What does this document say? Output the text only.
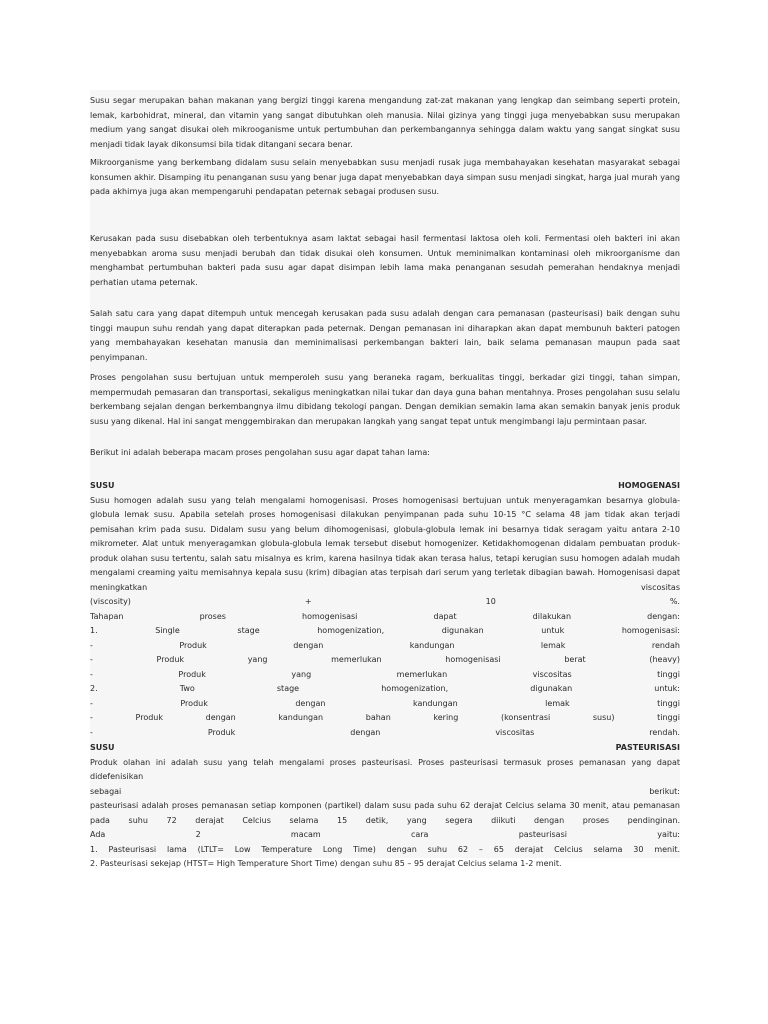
Susu segar merupakan bahan makanan yang bergizi tinggi karena mengandung zat-zat makanan yang lengkap dan seimbang seperti protein, lemak, karbohidrat, mineral, dan vitamin yang sangat dibutuhkan oleh manusia. Nilai gizinya yang tinggi juga menyebabkan susu merupakan medium yang sangat disukai oleh mikrooganisme untuk pertumbuhan dan perkembangannya sehingga dalam waktu yang sangat singkat susu menjadi tidak layak dikonsumsi bila tidak ditangani secara benar.
Mikroorganisme yang berkembang didalam susu selain menyebabkan susu menjadi rusak juga membahayakan kesehatan masyarakat sebagai konsumen akhir. Disamping itu penanganan susu yang benar juga dapat menyebabkan daya simpan susu menjadi singkat, harga jual murah yang pada akhirnya juga akan mempengaruhi pendapatan peternak sebagai produsen susu.
Kerusakan pada susu disebabkan oleh terbentuknya asam laktat sebagai hasil fermentasi laktosa oleh koli. Fermentasi oleh bakteri ini akan menyebabkan aroma susu menjadi berubah dan tidak disukai oleh konsumen. Untuk meminimalkan kontaminasi oleh mikroorganisme dan menghambat pertumbuhan bakteri pada susu agar dapat disimpan lebih lama maka penanganan sesudah pemerahan hendaknya menjadi perhatian utama peternak.
Salah satu cara yang dapat ditempuh untuk mencegah kerusakan pada susu adalah dengan cara pemanasan (pasteurisasi) baik dengan suhu tinggi maupun suhu rendah yang dapat diterapkan pada peternak. Dengan pemanasan ini diharapkan akan dapat membunuh bakteri patogen yang membahayakan kesehatan manusia dan meminimalisasi perkembangan bakteri lain, baik selama pemanasan maupun pada saat penyimpanan.
Proses pengolahan susu bertujuan untuk memperoleh susu yang beraneka ragam, berkualitas tinggi, berkadar gizi tinggi, tahan simpan, mempermudah pemasaran dan transportasi, sekaligus meningkatkan nilai tukar dan daya guna bahan mentahnya. Proses pengolahan susu selalu berkembang sejalan dengan berkembangnya ilmu dibidang tekologi pangan. Dengan demikian semakin lama akan semakin banyak jenis produk susu yang dikenal. Hal ini sangat menggembirakan dan merupakan langkah yang sangat tepat untuk mengimbangi laju permintaan pasar.
Berikut ini adalah beberapa macam proses pengolahan susu agar dapat tahan lama:
SUSU	HOMOGENASI
Susu homogen adalah susu yang telah mengalami homogenisasi. Proses homogenisasi bertujuan untuk menyeragamkan besarnya globula-globula lemak susu. Apabila setelah proses homogenisasi dilakukan penyimpanan pada suhu 10-15 °C selama 48 jam tidak akan terjadi pemisahan krim pada susu. Didalam susu yang belum dihomogenisasi, globula-globula lemak ini besarnya tidak seragam yaitu antara 2-10 mikrometer. Alat untuk menyeragamkan globula-globula lemak tersebut disebut homogenizer. Ketidakhomogenan didalam pembuatan produk-produk olahan susu tertentu, salah satu misalnya es krim, karena hasilnya tidak akan terasa halus, tetapi kerugian susu homogen adalah mudah mengalami creaming yaitu memisahnya kepala susu (krim) dibagian atas terpisah dari serum yang terletak dibagian bawah. Homogenisasi dapat meningkatkan viscositas
(viscosity)	+	10	%.
Tahapan	proses	homogenisasi	dapat	dilakukan	dengan:
1.	Single	stage	homogenization,	digunakan	untuk	homogenisasi:
-	Produk	dengan	kandungan	lemak	rendah
-	Produk	yang	memerlukan	homogenisasi	berat	(heavy)
-	Produk	yang	memerlukan	viscositas	tinggi
2.	Two	stage	homogenization,	digunakan	untuk:
-	Produk	dengan	kandungan	lemak	tinggi
-	Produk	dengan	kandungan	bahan	kering	(konsentrasi	susu)	tinggi
-	Produk	dengan	viscositas	rendah.
SUSU	PASTEURISASI
Produk olahan ini adalah susu yang telah mengalami proses pasteurisasi. Proses pasteurisasi termasuk proses pemanasan yang dapat didefenisikan
sebagai	berikut:
pasteurisasi adalah proses pemanasan setiap komponen (partikel) dalam susu pada suhu 62 derajat Celcius selama 30 menit, atau pemanasan pada suhu 72 derajat Celcius selama 15 detik, yang segera diikuti dengan proses pendinginan.
Ada	2	macam	cara	pasteurisasi	yaitu:
1. Pasteurisasi lama (LTLT= Low Temperature Long Time) dengan suhu 62 – 65 derajat Celcius selama 30 menit.
2. Pasteurisasi sekejap (HTST= High Temperature Short Time) dengan suhu 85 – 95 derajat Celcius selama 1-2 menit.
